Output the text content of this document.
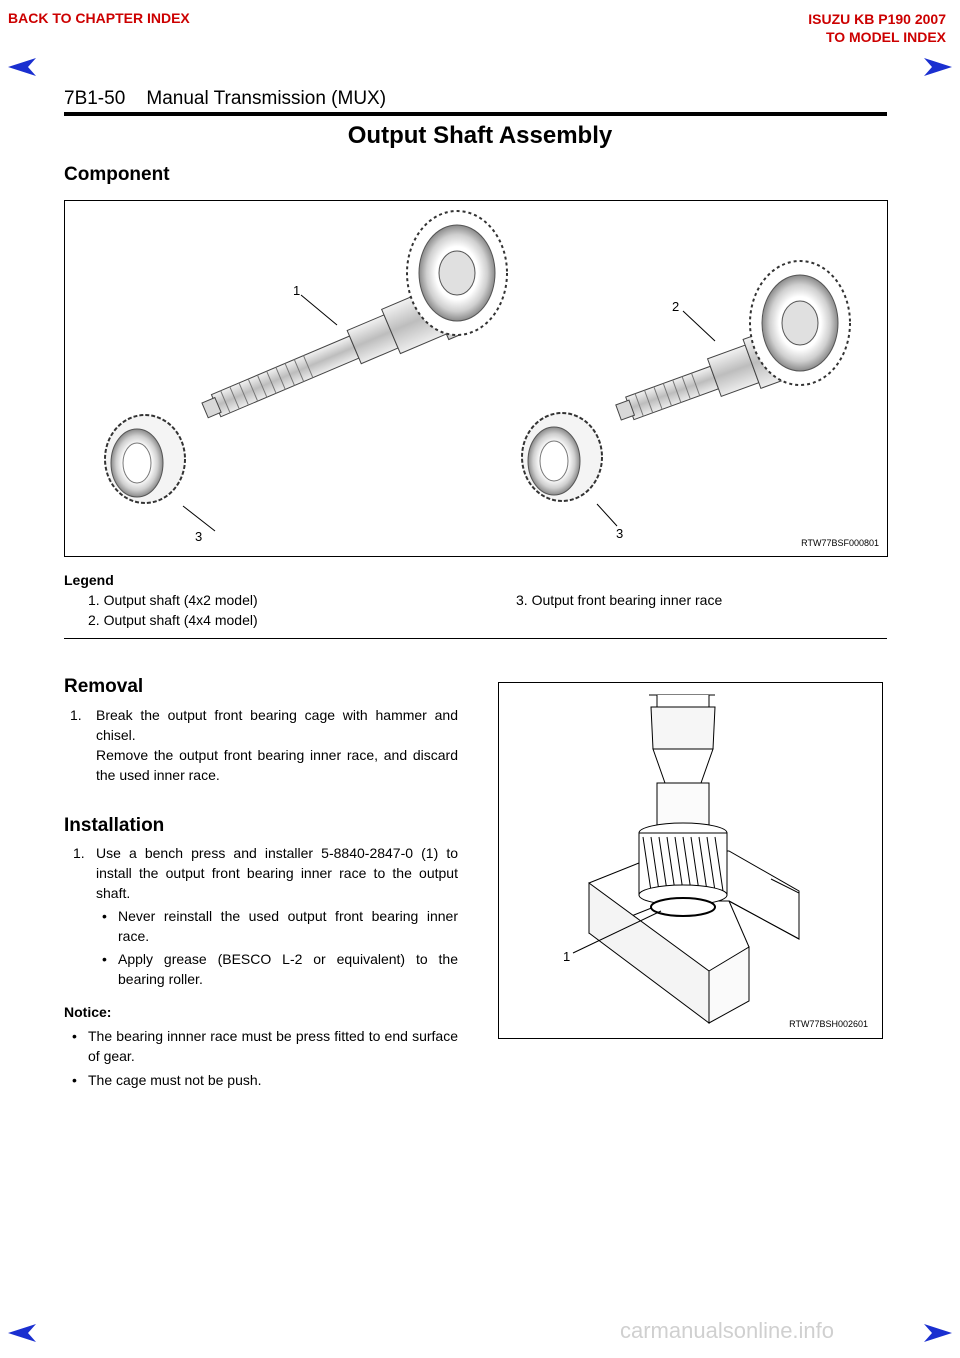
BACK TO CHAPTER INDEX	ISUZU KB P190 2007
TO MODEL INDEX
7B1-50    Manual Transmission (MUX)
Output Shaft Assembly
Component
1
2
3	3
RTW77BSF000801
Legend
1. Output shaft (4x2 model)
2. Output shaft (4x4 model)
3. Output front bearing inner race
Removal
1. Break the output front bearing cage with hammer and chisel.
Remove the output front bearing inner race, and discard the used inner race.
Installation
1. Use a bench press and installer 5-8840-2847-0 (1) to install the output front bearing inner race to the output shaft.
• Never reinstall the used output front bearing inner race.
• Apply grease (BESCO L-2 or equivalent) to the bearing roller.
Notice:
• The bearing innner race must be press fitted to end surface of gear.
• The cage must not be push.
1
RTW77BSH002601
carmanualsonline.info
